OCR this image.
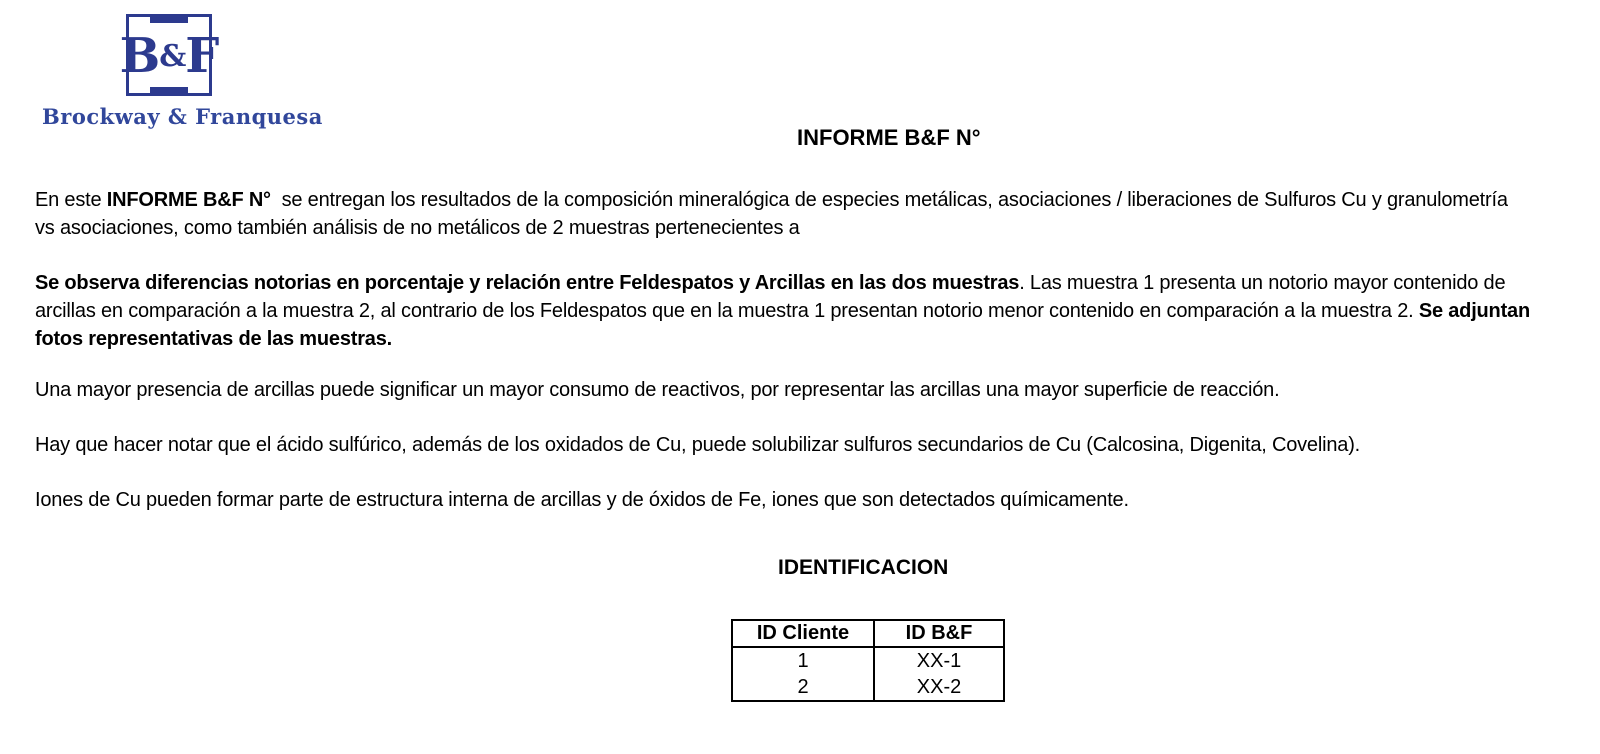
B&F
Brockway & Franquesa
INFORME B&F N°
En este INFORME B&F N°  se entregan los resultados de la composición mineralógica de especies metálicas, asociaciones / liberaciones de Sulfuros Cu y granulometría vs asociaciones, como también análisis de no metálicos de 2 muestras pertenecientes a
Se observa diferencias notorias en porcentaje y relación entre Feldespatos y Arcillas en las dos muestras. Las muestra 1 presenta un notorio mayor contenido de arcillas en comparación a la muestra 2, al contrario de los Feldespatos que en la muestra 1 presentan notorio menor contenido en comparación a la muestra 2. Se adjuntan fotos representativas de las muestras.
Una mayor presencia de arcillas puede significar un mayor consumo de reactivos, por representar las arcillas una mayor superficie de reacción.
Hay que hacer notar que el ácido sulfúrico, además de los oxidados de Cu, puede solubilizar sulfuros secundarios de Cu (Calcosina, Digenita, Covelina).
Iones de Cu pueden formar parte de estructura interna de arcillas y de óxidos de Fe, iones que son detectados químicamente.
IDENTIFICACION
ID Cliente	ID B&F
1	XX-1
2	XX-2
